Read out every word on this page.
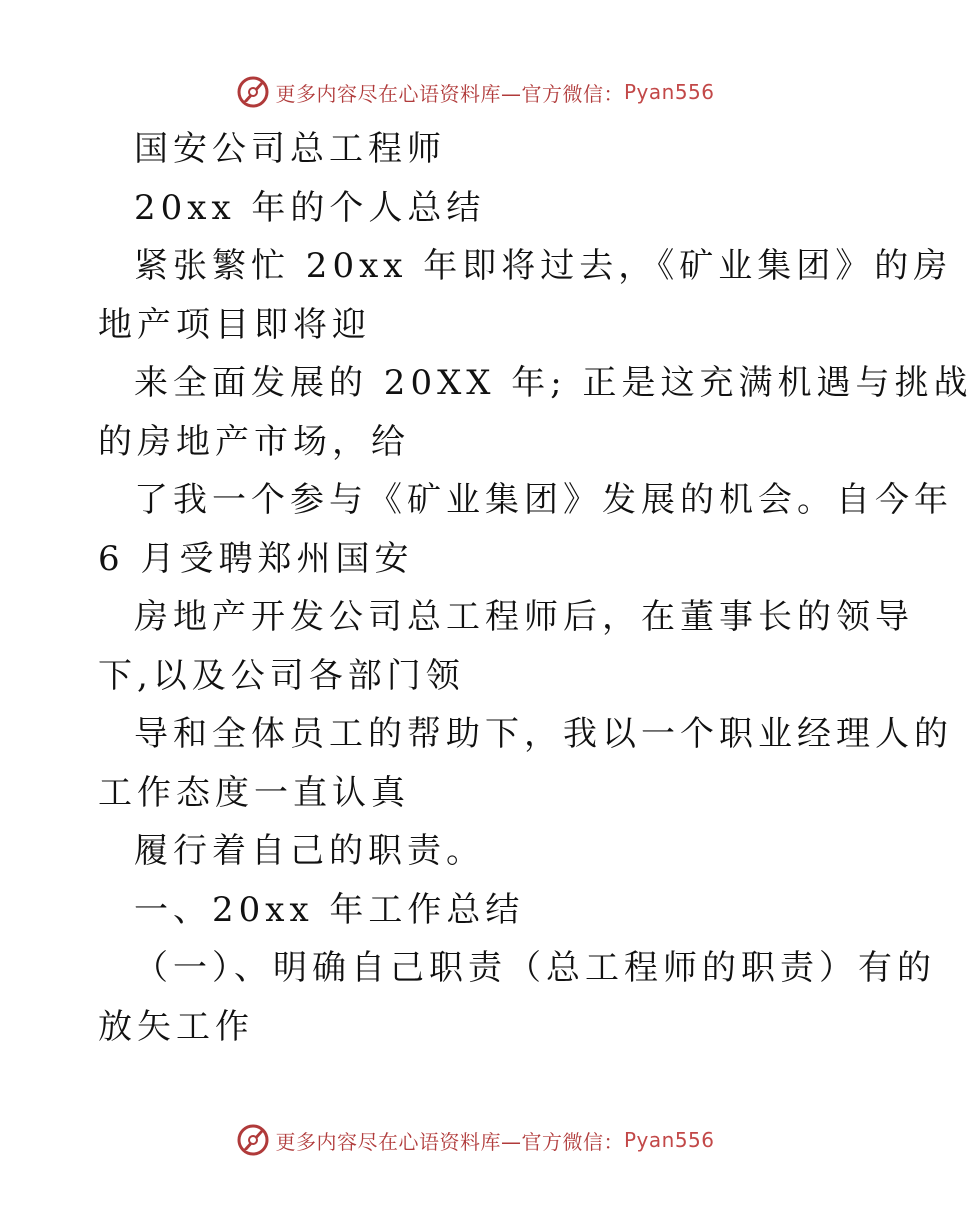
更多内容尽在心语资料库—官方微信： Pyan556
国安公司总工程师
20xx 年的个人总结
紧张繁忙 20xx 年即将过去，《矿业集团》的房
地产项目即将迎
来全面发展的 20XX 年; 正是这充满机遇与挑战
的房地产市场，给
了我一个参与《矿业集团》发展的机会。自今年
6 月受聘郑州国安
房地产开发公司总工程师后，在董事长的领导
下,以及公司各部门领
导和全体员工的帮助下，我以一个职业经理人的
工作态度一直认真
履行着自己的职责。
一、20xx 年工作总结
（一）、明确自己职责（总工程师的职责）有的
放矢工作
更多内容尽在心语资料库—官方微信： Pyan556
